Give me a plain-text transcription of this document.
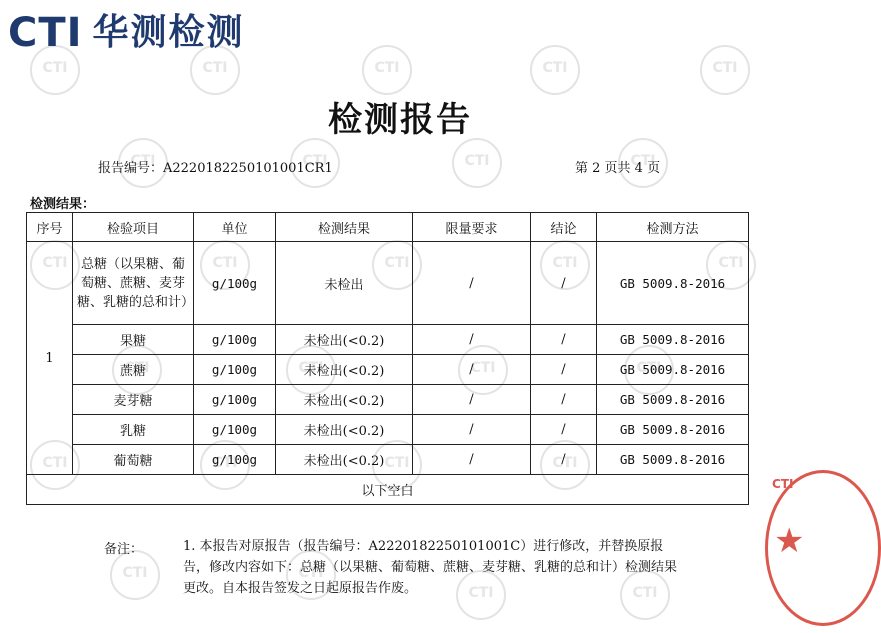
CTI
CTI
CTI
CTI
CTI
CTI
CTI
CTI
CTI
CTI
CTI
CTI
CTI
CTI
CTI
CTI
CTI
CTI
CTI
CTI
CTI
CTI
CTI
CTI
CTI
CTI
CTI 华测检测
检测报告
报告编号：A2220182250101001CR1	第 2 页共 4 页
检测结果：
序号	检验项目	单位	检测结果	限量要求	结论	检测方法
1	总糖（以果糖、葡萄糖、蔗糖、麦芽糖、乳糖的总和计）	g/100g	未检出	/	/	GB 5009.8-2016
	果糖	g/100g	未检出(<0.2)	/	/	GB 5009.8-2016
	蔗糖	g/100g	未检出(<0.2)	/	/	GB 5009.8-2016
	麦芽糖	g/100g	未检出(<0.2)	/	/	GB 5009.8-2016
	乳糖	g/100g	未检出(<0.2)	/	/	GB 5009.8-2016
	葡萄糖	g/100g	未检出(<0.2)	/	/	GB 5009.8-2016
以下空白						
备注：	1. 本报告对原报告（报告编号：A2220182250101001C）进行修改，并替换原报告，修改内容如下：总糖（以果糖、葡萄糖、蔗糖、麦芽糖、乳糖的总和计）检测结果更改。自本报告签发之日起原报告作废。
CTI
★
